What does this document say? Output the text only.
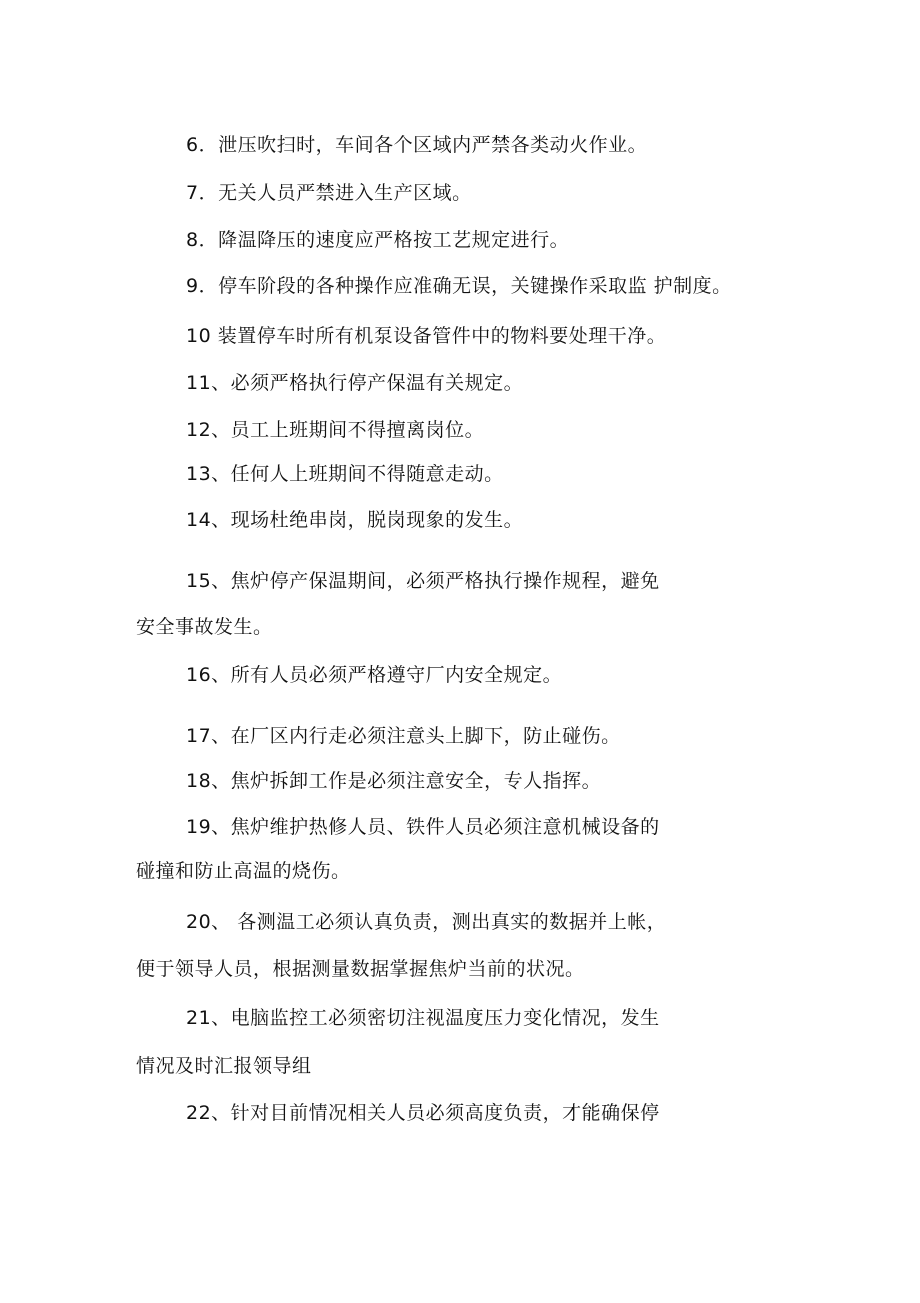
6．泄压吹扫时，车间各个区域内严禁各类动火作业。
7．无关人员严禁进入生产区域。
8．降温降压的速度应严格按工艺规定进行。
9．停车阶段的各种操作应准确无误，关键操作采取监 护制度。
10 装置停车时所有机泵设备管件中的物料要处理干净。
11、必须严格执行停产保温有关规定。
12、员工上班期间不得擅离岗位。
13、任何人上班期间不得随意走动。
14、现场杜绝串岗，脱岗现象的发生。
15、焦炉停产保温期间，必须严格执行操作规程，避免
安全事故发生。
16、所有人员必须严格遵守厂内安全规定。
17、在厂区内行走必须注意头上脚下，防止碰伤。
18、焦炉拆卸工作是必须注意安全，专人指挥。
19、焦炉维护热修人员、铁件人员必须注意机械设备的
碰撞和防止高温的烧伤。
20、 各测温工必须认真负责，测出真实的数据并上帐，
便于领导人员，根据测量数据掌握焦炉当前的状况。
21、电脑监控工必须密切注视温度压力变化情况，发生
情况及时汇报领导组
22、针对目前情况相关人员必须高度负责，才能确保停
